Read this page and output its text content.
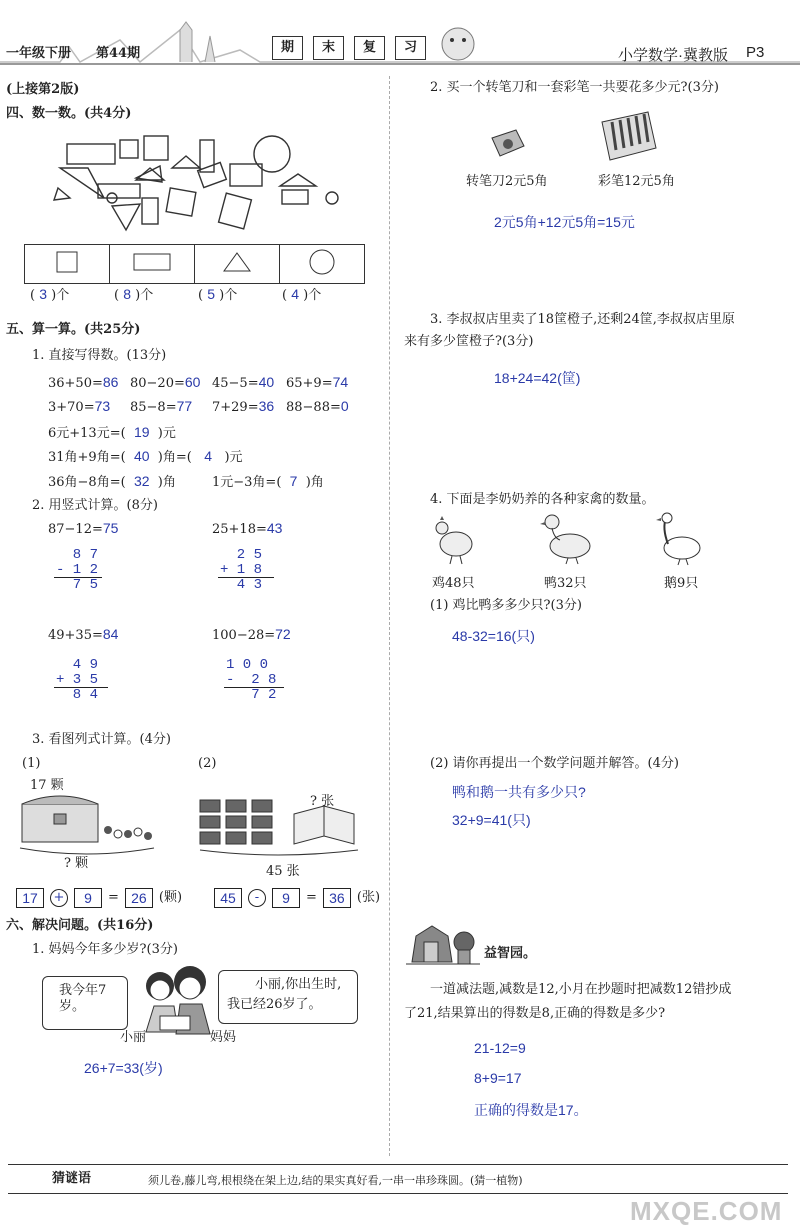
一年级下册 第44期	期	末	复	习	小学数学·冀教版 P3
(上接第2版)
四、数一数。(共4分)

( 3 )个	( 8 )个	( 5 )个	( 4 )个
五、算一算。(共25分)
1. 直接写得数。(13分)
36+50=86 80−20=60 45−5=40 65+9=74
3+70=73	85−8=77	7+29=36 88−88=0
6元+13元=( 19 )元
31角+9角=( 40 )角=( 4 )元
36角−8角=( 32 )角	1元−3角=( 7 )角
2. 用竖式计算。(8分)
87−12=75
8 7
- 1 2
7 5
25+18=43
2 5
+ 1 8
4 3
49+35=84
4 9
+ 3 5
8 4
100−28=72
1 0 0
-  2 8
7 2
3. 看图列式计算。(4分)
(1)	(2)
17 颗
? 颗
? 张
45 张
17	+	9	= 26 (颗)	45	-	9	= 36 (张)
六、解决问题。(共16分)
1. 妈妈今年多少岁?(3分)
我今年7岁。
小丽,你出生时,
我已经26岁了。
小丽	妈妈
26+7=33(岁)
2. 买一个转笔刀和一套彩笔一共要花多少元?(3分)
转笔刀2元5角	彩笔12元5角
2元5角+12元5角=15元
3. 李叔叔店里卖了18筐橙子,还剩24筐,李叔叔店里原
来有多少筐橙子?(3分)
18+24=42(筐)
4. 下面是李奶奶养的各种家禽的数量。
鸡48只	鸭32只	鹅9只
(1) 鸡比鸭多多少只?(3分)
48-32=16(只)
(2) 请你再提出一个数学问题并解答。(4分)
鸭和鹅一共有多少只?
32+9=41(只)
益智园。
一道减法题,减数是12,小月在抄题时把减数12错抄成
了21,结果算出的得数是8,正确的得数是多少?
21-12=9
8+9=17
正确的得数是17。
猜谜语	须儿卷,藤儿弯,根根绕在架上边,结的果实真好看,一串一串珍珠圆。(猜一植物)
MXQE.COM
